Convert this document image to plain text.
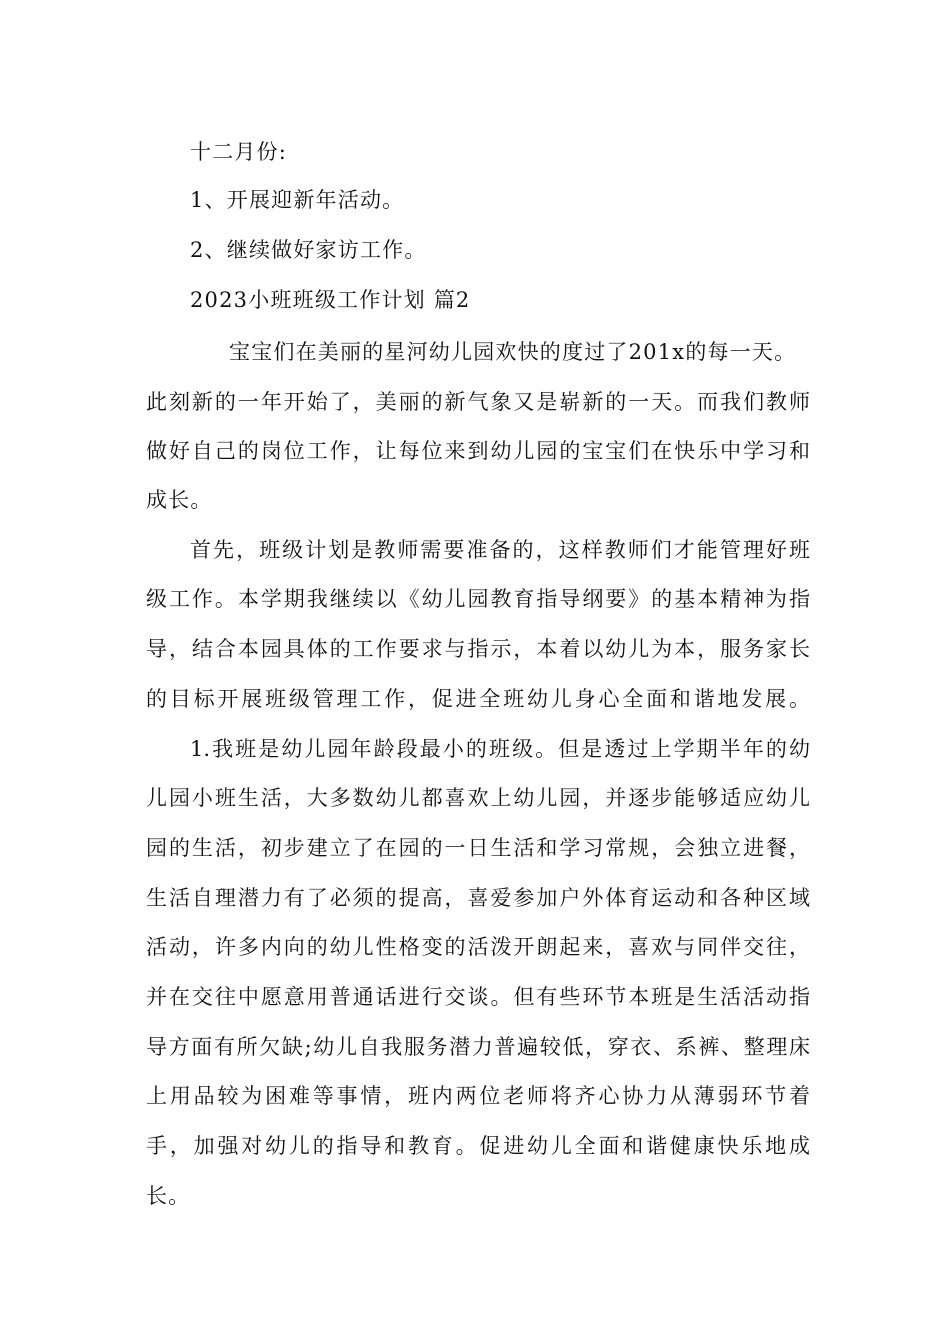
十二月份:
1、开展迎新年活动。
2、继续做好家访工作。
2023小班班级工作计划 篇2
宝宝们在美丽的星河幼儿园欢快的度过了201x的每一天。
此刻新的一年开始了，美丽的新气象又是崭新的一天。而我们教师
做好自己的岗位工作，让每位来到幼儿园的宝宝们在快乐中学习和
成长。
首先，班级计划是教师需要准备的，这样教师们才能管理好班
级工作。本学期我继续以《幼儿园教育指导纲要》的基本精神为指
导，结合本园具体的工作要求与指示，本着以幼儿为本，服务家长
的目标开展班级管理工作，促进全班幼儿身心全面和谐地发展。
1.我班是幼儿园年龄段最小的班级。但是透过上学期半年的幼
儿园小班生活，大多数幼儿都喜欢上幼儿园，并逐步能够适应幼儿
园的生活，初步建立了在园的一日生活和学习常规，会独立进餐，
生活自理潜力有了必须的提高，喜爱参加户外体育运动和各种区域
活动，许多内向的幼儿性格变的活泼开朗起来，喜欢与同伴交往，
并在交往中愿意用普通话进行交谈。但有些环节本班是生活活动指
导方面有所欠缺;幼儿自我服务潜力普遍较低，穿衣、系裤、整理床
上用品较为困难等事情，班内两位老师将齐心协力从薄弱环节着
手，加强对幼儿的指导和教育。促进幼儿全面和谐健康快乐地成
长。
